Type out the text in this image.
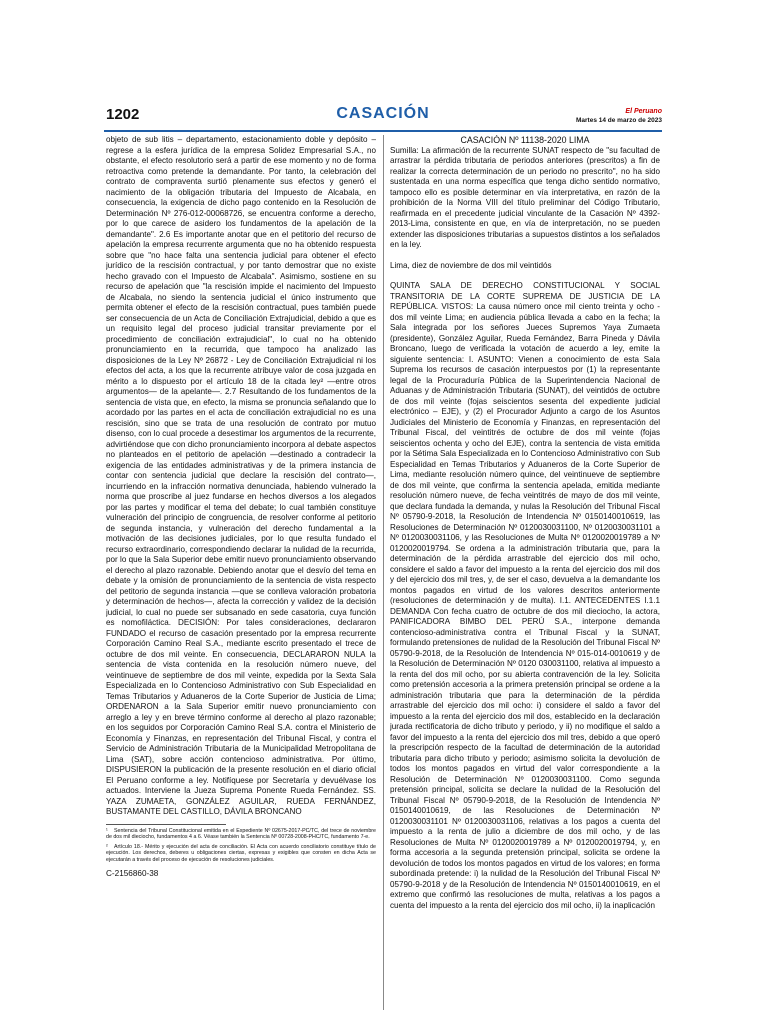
1202	CASACIÓN	El Peruano
Martes 14 de marzo de 2023

objeto de sub litis – departamento, estacionamiento doble y depósito – regrese a la esfera jurídica de la empresa Solidez Empresarial S.A., no obstante, el efecto resolutorio será a partir de ese momento y no de forma retroactiva como pretende la demandante. Por tanto, la celebración del contrato de compraventa surtió plenamente sus efectos y generó el nacimiento de la obligación tributaria del Impuesto de Alcabala, en consecuencia, la exigencia de dicho pago contenido en la Resolución de Determinación Nº 276-012-00068726, se encuentra conforme a derecho, por lo que carece de asidero los fundamentos de la apelación de la demandante". 2.6 Es importante anotar que en el petitorio del recurso de apelación la empresa recurrente argumenta que no ha obtenido respuesta sobre que "no hace falta una sentencia judicial para obtener el efecto jurídico de la rescisión contractual, y por tanto demostrar que no existe hecho gravado con el Impuesto de Alcabala". Asimismo, sostiene en su recurso de apelación que "la rescisión impide el nacimiento del Impuesto de Alcabala, no siendo la sentencia judicial el único instrumento que permita obtener el efecto de la rescisión contractual, pues también puede ser consecuencia de un Acta de Conciliación Extrajudicial, debido a que es un requisito legal del proceso judicial transitar previamente por el procedimiento de conciliación extrajudicial", lo cual no ha obtenido pronunciamiento en la recurrida, que tampoco ha analizado las disposiciones de la Ley Nº 26872 - Ley de Conciliación Extrajudicial ni los efectos del acta, a los que la recurrente atribuye valor de cosa juzgada en mérito a lo dispuesto por el artículo 18 de la citada ley² —entre otros argumentos— de la apelante—. 2.7 Resultando de los fundamentos de la sentencia de vista que, en efecto, la misma se pronuncia señalando que lo acordado por las partes en el acta de conciliación extrajudicial no es una rescisión, sino que se trata de una resolución de contrato por mutuo disenso, con lo cual procede a desestimar los argumentos de la recurrente, advirtiéndose que con dicho pronunciamiento incorpora al debate aspectos no planteados en el petitorio de apelación —destinado a contradecir la exigencia de las entidades administrativas y de la primera instancia de contar con sentencia judicial que declare la rescisión del contrato—, incurriendo en la infracción normativa denunciada, habiendo vulnerado la norma que proscribe al juez fundarse en hechos diversos a los alegados por las partes y modificar el tema del debate; lo cual también constituye vulneración del principio de congruencia, de resolver conforme al petitorio de segunda instancia, y vulneración del derecho fundamental a la motivación de las decisiones judiciales, por lo que resulta fundado el recurso extraordinario, correspondiendo declarar la nulidad de la recurrida, por lo que la Sala Superior debe emitir nuevo pronunciamiento observando el derecho al plazo razonable. Debiendo anotar que el desvío del tema en debate y la omisión de pronunciamiento de la sentencia de vista respecto del petitorio de segunda instancia —que se conlleva valoración probatoria y determinación de hechos—, afecta la corrección y validez de la decisión judicial, lo cual no puede ser subsanado en sede casatoria, cuya función es nomofiláctica. DECISIÓN: Por tales consideraciones, declararon FUNDADO el recurso de casación presentado por la empresa recurrente Corporación Camino Real S.A., mediante escrito presentado el trece de octubre de dos mil veinte. En consecuencia, DECLARARON NULA la sentencia de vista contenida en la resolución número nueve, del veintinueve de septiembre de dos mil veinte, expedida por la Sexta Sala Especializada en lo Contencioso Administrativo con Sub Especialidad en Temas Tributarios y Aduaneros de la Corte Superior de Justicia de Lima; ORDENARON a la Sala Superior emitir nuevo pronunciamiento con arreglo a ley y en breve término conforme al derecho al plazo razonable; en los seguidos por Corporación Camino Real S.A. contra el Ministerio de Economía y Finanzas, en representación del Tribunal Fiscal, y contra el Servicio de Administración Tributaria de la Municipalidad Metropolitana de Lima (SAT), sobre acción contencioso administrativa. Por último, DISPUSIERON la publicación de la presente resolución en el diario oficial El Peruano conforme a ley. Notifíquese por Secretaría y devuélvase los actuados. Interviene la Jueza Suprema Ponente Rueda Fernández. SS. YAZA ZUMAETA, GONZÁLEZ AGUILAR, RUEDA FERNÁNDEZ, BUSTAMANTE DEL CASTILLO, DÁVILA BRONCANO

¹ Sentencia del Tribunal Constitucional emitida en el Expediente Nº 02675-2017-PC/TC, del trece de noviembre de dos mil dieciocho, fundamentos 4 a 6. Véase también la Sentencia Nº 00728-2008-PHC/TC, fundamento 7-e.
² Artículo 18.- Mérito y ejecución del acta de conciliación. El Acta con acuerdo conciliatorio constituye título de ejecución. Los derechos, deberes u obligaciones ciertas, expresas y exigibles que consten en dicha Acta se ejecutarán a través del proceso de ejecución de resoluciones judiciales.
C-2156860-38

CASACIÓN Nº 11138-2020 LIMA

Sumilla: La afirmación de la recurrente SUNAT respecto de "su facultad de arrastrar la pérdida tributaria de periodos anteriores (prescritos) a fin de realizar la correcta determinación de un periodo no prescrito", no ha sido sustentada en una norma específica que tenga dicho sentido normativo, tampoco ello es posible determinar en vía interpretativa, en razón de la prohibición de la Norma VIII del título preliminar del Código Tributario, reafirmada en el precedente judicial vinculante de la Casación Nº 4392-2013-Lima, consistente en que, en vía de interpretación, no se pueden extender las disposiciones tributarias a supuestos distintos a los señalados en la ley.

Lima, diez de noviembre de dos mil veintidós

QUINTA SALA DE DERECHO CONSTITUCIONAL Y SOCIAL TRANSITORIA DE LA CORTE SUPREMA DE JUSTICIA DE LA REPÚBLICA. VISTOS: La causa número once mil ciento treinta y ocho - dos mil veinte Lima; en audiencia pública llevada a cabo en la fecha; la Sala integrada por los señores Jueces Supremos Yaya Zumaeta (presidente), González Aguilar, Rueda Fernández, Barra Pineda y Dávila Broncano, luego de verificada la votación de acuerdo a ley, emite la siguiente sentencia: I. ASUNTO: Vienen a conocimiento de esta Sala Suprema los recursos de casación interpuestos por (1) la representante legal de la Procuraduría Pública de la Superintendencia Nacional de Aduanas y de Administración Tributaria (SUNAT), del veintidós de octubre de dos mil veinte (fojas seiscientos sesenta del expediente judicial electrónico – EJE), y (2) el Procurador Adjunto a cargo de los Asuntos Judiciales del Ministerio de Economía y Finanzas, en representación del Tribunal Fiscal, del veintitrés de octubre de dos mil veinte (fojas seiscientos ochenta y ocho del EJE), contra la sentencia de vista emitida por la Sétima Sala Especializada en lo Contencioso Administrativo con Sub Especialidad en Temas Tributarios y Aduaneros de la Corte Superior de Lima, mediante resolución número quince, del veintinueve de septiembre de dos mil veinte, que confirma la sentencia apelada, emitida mediante resolución número nueve, de fecha veintitrés de mayo de dos mil veinte, que declara fundada la demanda, y nulas la Resolución del Tribunal Fiscal Nº 05790-9-2018, la Resolución de Intendencia Nº 0150140010619, las Resoluciones de Determinación Nº 0120030031100, Nº 0120030031101 a Nº 0120030031106, y las Resoluciones de Multa Nº 0120020019789 a Nº 0120020019794. Se ordena a la administración tributaria que, para la determinación de la pérdida arrastrable del ejercicio dos mil ocho, considere el saldo a favor del impuesto a la renta del ejercicio dos mil dos y del ejercicio dos mil tres, y, de ser el caso, devuelva a la demandante los montos pagados en virtud de los valores descritos anteriormente (resoluciones de determinación y de multa). I.1. ANTECEDENTES I.1.1 DEMANDA Con fecha cuatro de octubre de dos mil dieciocho, la actora, PANIFICADORA BIMBO DEL PERÚ S.A., interpone demanda contencioso-administrativa contra el Tribunal Fiscal y la SUNAT, formulando pretensiones de nulidad de la Resolución del Tribunal Fiscal Nº 05790-9-2018, de la Resolución de Intendencia Nº 015-014-0010619 y de la Resolución de Determinación Nº 0120 030031100, relativa al impuesto a la renta del dos mil ocho, por su abierta contravención de la ley. Solicita como pretensión accesoria a la primera pretensión principal se ordene a la administración tributaria que para la determinación de la pérdida arrastrable del ejercicio dos mil ocho: i) considere el saldo a favor del impuesto a la renta del ejercicio dos mil dos, establecido en la declaración jurada rectificatoria de dicho tributo y periodo, y ii) no modifique el saldo a favor del impuesto a la renta del ejercicio dos mil tres, debido a que operó la prescripción respecto de la facultad de determinación de la autoridad tributaria para dicho tributo y periodo; asimismo solicita la devolución de todos los montos pagados en virtud del valor correspondiente a la Resolución de Determinación Nº 0120030031100. Como segunda pretensión principal, solicita se declare la nulidad de la Resolución del Tribunal Fiscal Nº 05790-9-2018, de la Resolución de Intendencia Nº 0150140010619, de las Resoluciones de Determinación Nº 0120030031101 Nº 0120030031106, relativas a los pagos a cuenta del impuesto a la renta de julio a diciembre de dos mil ocho, y de las Resoluciones de Multa Nº 0120020019789 a Nº 0120020019794, y, en forma accesoria a la segunda pretensión principal, solicita se ordene la devolución de todos los montos pagados en virtud de los valores; en forma subordinada pretende: i) la nulidad de la Resolución del Tribunal Fiscal Nº 05790-9-2018 y de la Resolución de Intendencia Nº 0150140010619, en el extremo que confirmó las resoluciones de multa, relativas a los pagos a cuenta del impuesto a la renta del ejercicio dos mil ocho, ii) la inaplicación
